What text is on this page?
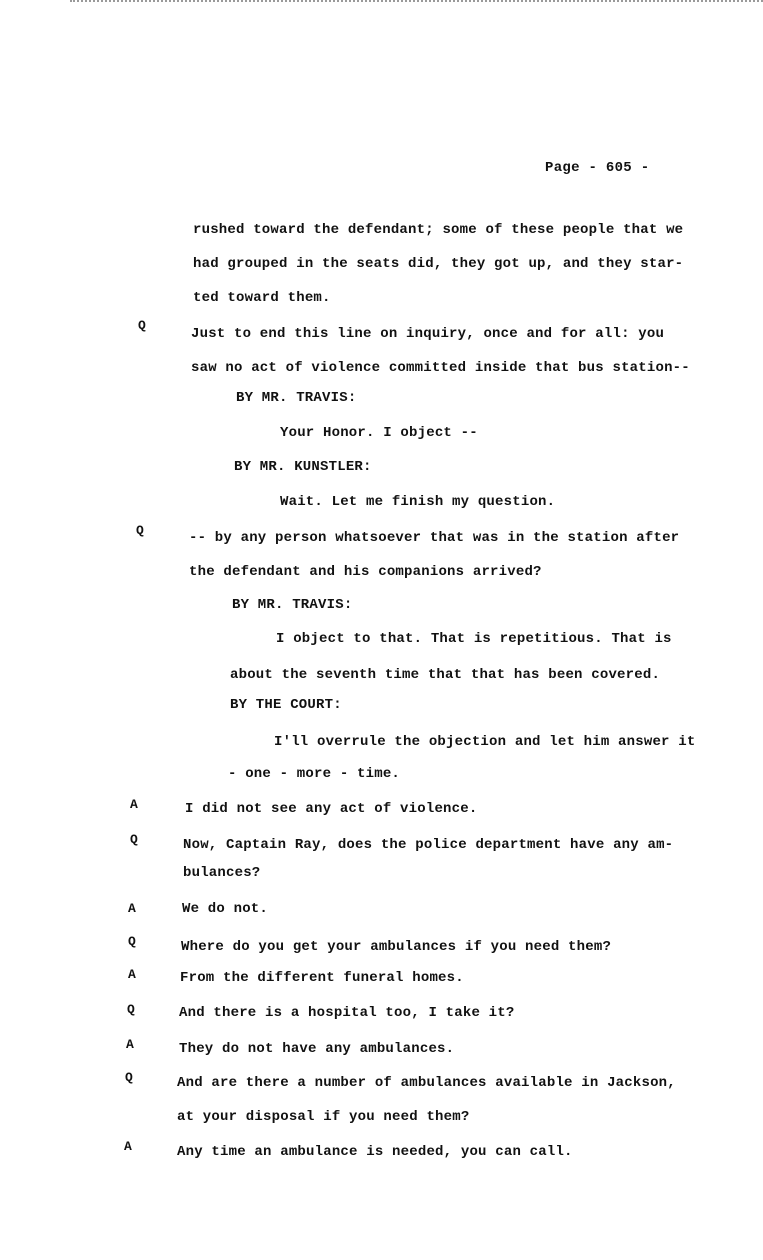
Page - 605 -
rushed toward the defendant; some of these people that we
had grouped in the seats did, they got up, and they star-
ted toward them.
Q
Just to end this line on inquiry, once and for all: you
saw no act of violence committed inside that bus station--
BY MR. TRAVIS:
Your Honor. I object --
BY MR. KUNSTLER:
Wait. Let me finish my question.
Q	-- by any person whatsoever that was in the station after
the defendant and his companions arrived?
BY MR. TRAVIS:
I object to that. That is repetitious. That is
about the seventh time that that has been covered.
BY THE COURT:
I'll overrule the objection and let him answer it
- one - more - time.
A	I did not see any act of violence.
Q	Now, Captain Ray, does the police department have any am-
bulances?
A	We do not.
Q	Where do you get your ambulances if you need them?
A	From the different funeral homes.
Q	And there is a hospital too, I take it?
A	They do not have any ambulances.
Q	And are there a number of ambulances available in Jackson,
at your disposal if you need them?
A	Any time an ambulance is needed, you can call.
